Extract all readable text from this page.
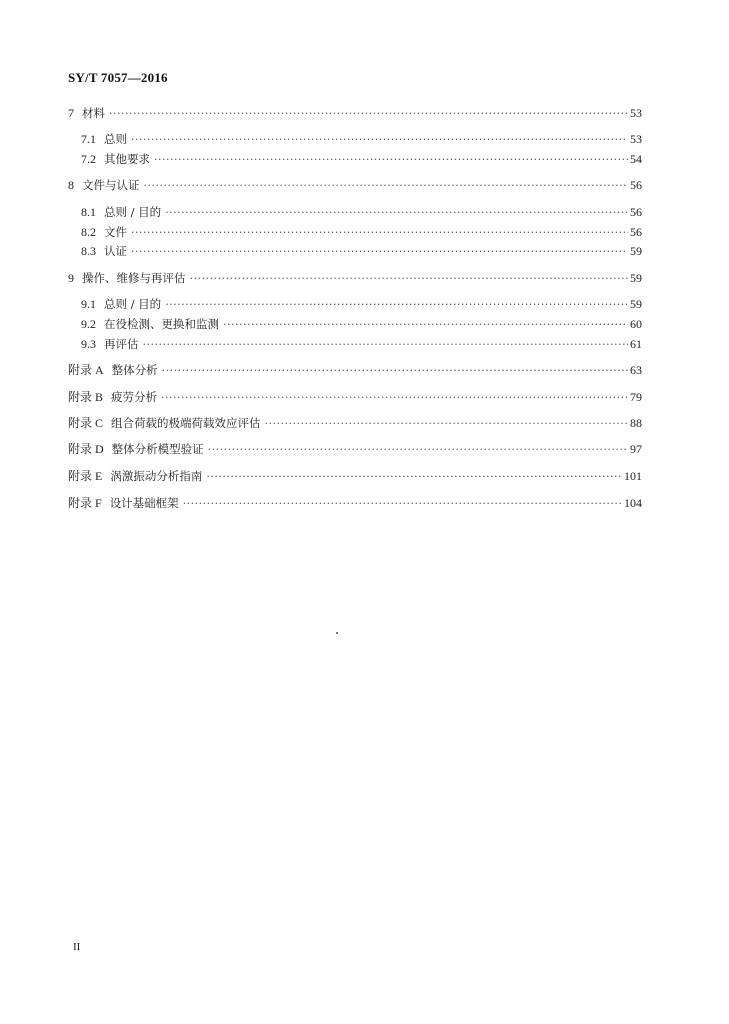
SY/T 7057—2016
7 材料 ·····	53
7.1 总则 ·····	53
7.2 其他要求 ·····	54
8 文件与认证 ·····	56
8.1 总则 / 目的 ·····	56
8.2 文件 ·····	56
8.3 认证 ·····	59
9 操作、维修与再评估 ·····	59
9.1 总则 / 目的 ·····	59
9.2 在役检测、更换和监测 ·····	60
9.3 再评估 ·····	61
附录 A 整体分析 ·····	63
附录 B 疲劳分析 ·····	79
附录 C 组合荷载的极端荷载效应评估 ·····	88
附录 D 整体分析模型验证 ·····	97
附录 E 涡激振动分析指南 ·····	101
附录 F 设计基础框架 ·····	104
II
